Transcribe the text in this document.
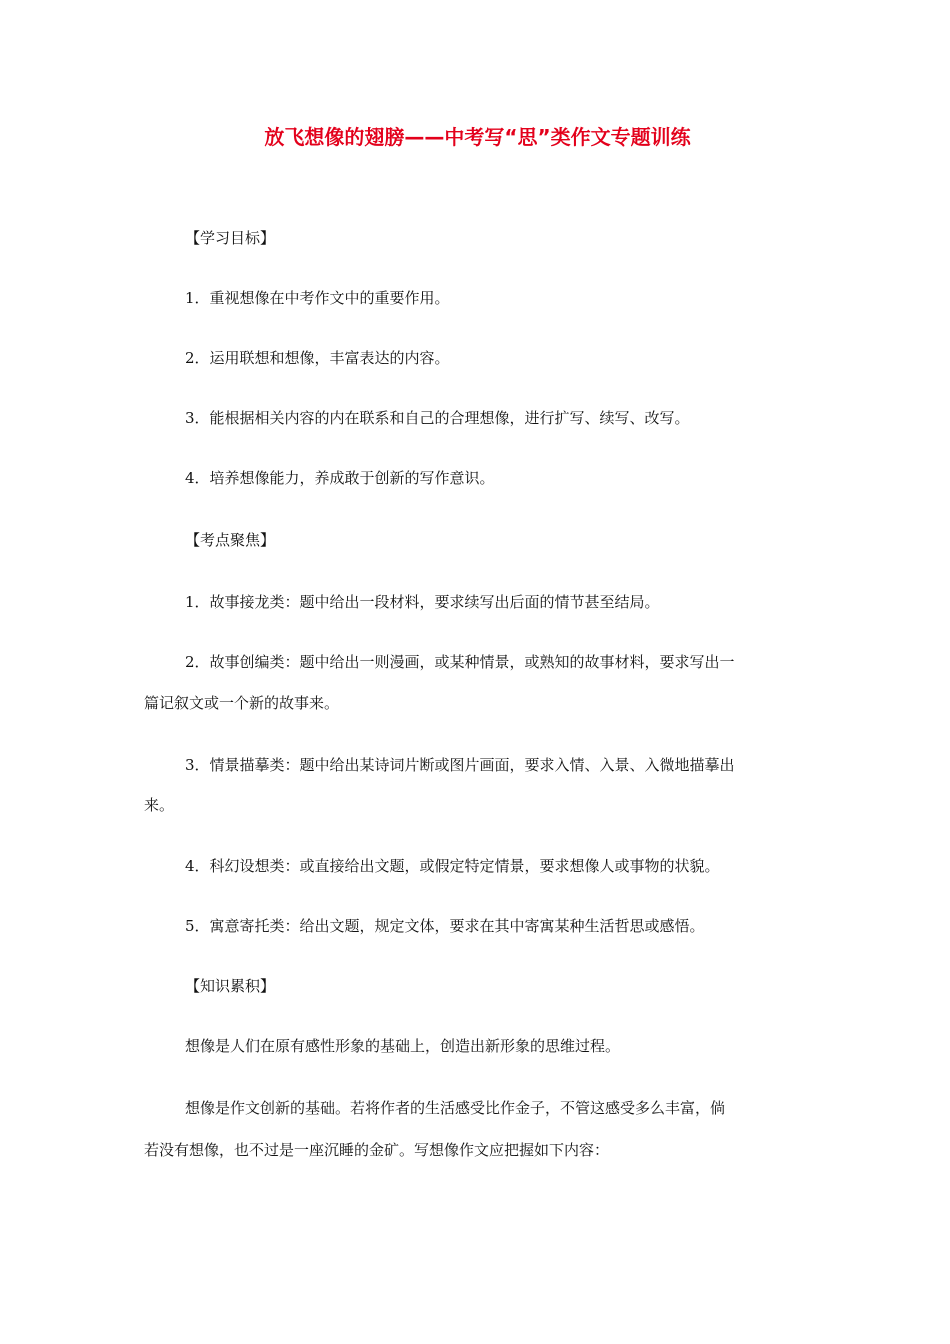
放飞想像的翅膀——中考写“思”类作文专题训练
【学习目标】
1．重视想像在中考作文中的重要作用。
2．运用联想和想像，丰富表达的内容。
3．能根据相关内容的内在联系和自己的合理想像，进行扩写、续写、改写。
4．培养想像能力，养成敢于创新的写作意识。
【考点聚焦】
1．故事接龙类：题中给出一段材料，要求续写出后面的情节甚至结局。
2．故事创编类：题中给出一则漫画，或某种情景，或熟知的故事材料，要求写出一
篇记叙文或一个新的故事来。
3．情景描摹类：题中给出某诗词片断或图片画面，要求入情、入景、入微地描摹出
来。
4．科幻设想类：或直接给出文题，或假定特定情景，要求想像人或事物的状貌。
5．寓意寄托类：给出文题，规定文体，要求在其中寄寓某种生活哲思或感悟。
【知识累积】
想像是人们在原有感性形象的基础上，创造出新形象的思维过程。
想像是作文创新的基础。若将作者的生活感受比作金子，不管这感受多么丰富，倘
若没有想像，也不过是一座沉睡的金矿。写想像作文应把握如下内容：
